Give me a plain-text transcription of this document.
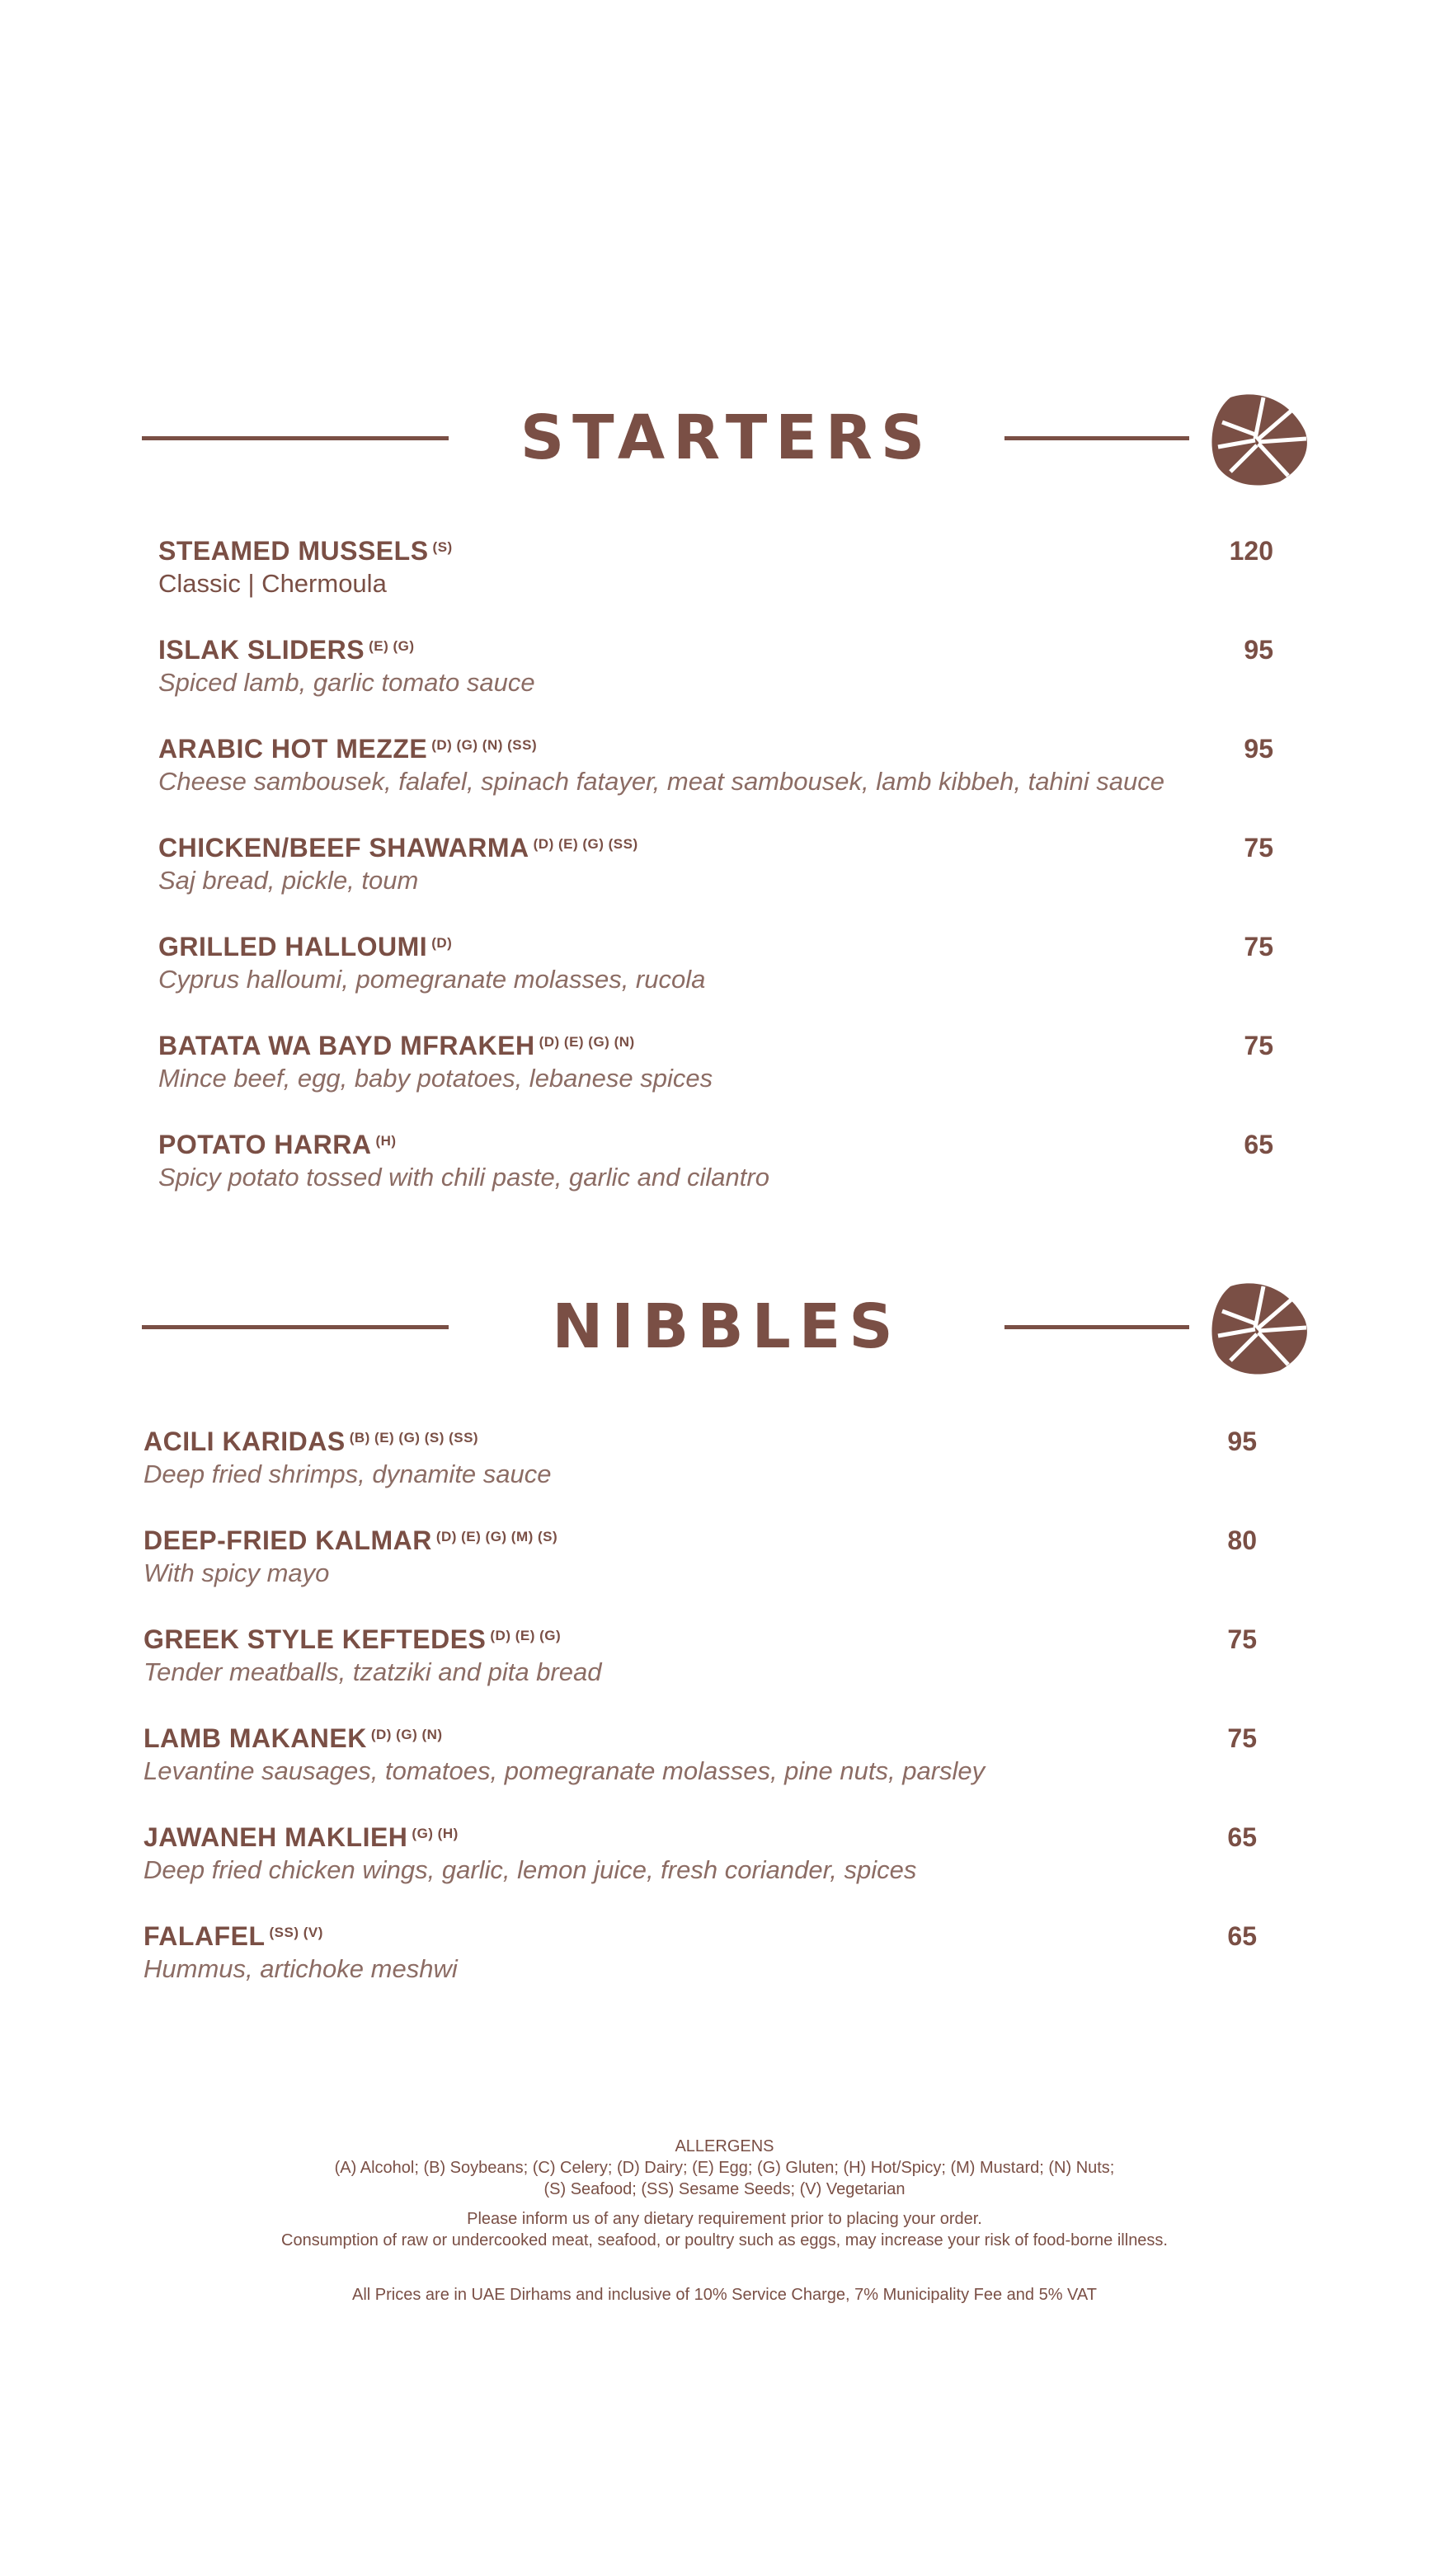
STARTERS
STEAMED MUSSELS $^{(S)}$
Classic | Chermoula
120
ISLAK SLIDERS $^{(E) (G)}$
Spiced lamb, garlic tomato sauce
95
ARABIC HOT MEZZE $^{(D) (G) (N) (SS)}$
Cheese sambousek, falafel, spinach fatayer, meat sambousek, lamb kibbeh, tahini sauce
95
CHICKEN/BEEF SHAWARMA $^{(D) (E) (G) (SS)}$
Saj bread, pickle, toum
75
GRILLED HALLOUMI $^{(D)}$
Cyprus halloumi, pomegranate molasses, rucola
75
BATATA WA BAYD MFRAKEH $^{(D) (E) (G) (N)}$
Mince beef, egg, baby potatoes, lebanese spices
75
POTATO HARRA $^{(H)}$
Spicy potato tossed with chili paste, garlic and cilantro
65
NIBBLES
ACILI KARIDAS $^{(B) (E) (G) (S) (SS)}$
Deep fried shrimps, dynamite sauce
95
DEEP-FRIED KALMAR $^{(D) (E) (G) (M) (S)}$
With spicy mayo
80
GREEK STYLE KEFTEDES $^{(D) (E) (G)}$
Tender meatballs, tzatziki and pita bread
75
LAMB MAKANEK $^{(D) (G) (N)}$
Levantine sausages, tomatoes, pomegranate molasses, pine nuts, parsley
75
JAWANEH MAKLIEH $^{(G) (H)}$
Deep fried chicken wings, garlic, lemon juice, fresh coriander, spices
65
FALAFEL $^{(SS) (V)}$
Hummus, artichoke meshwi
65

ALLERGENS

(A) Alcohol; (B) Soybeans; (C) Celery; (D) Dairy; (E) Egg; (G) Gluten; (H) Hot/Spicy; (M) Mustard; (N) Nuts;

(S) Seafood; (SS) Sesame Seeds; (V) Vegetarian

Please inform us of any dietary requirement prior to placing your order.

Consumption of raw or undercooked meat, seafood, or poultry such as eggs, may increase your risk of food-borne illness.

All Prices are in UAE Dirhams and inclusive of 10% Service Charge, 7% Municipality Fee and 5% VAT
